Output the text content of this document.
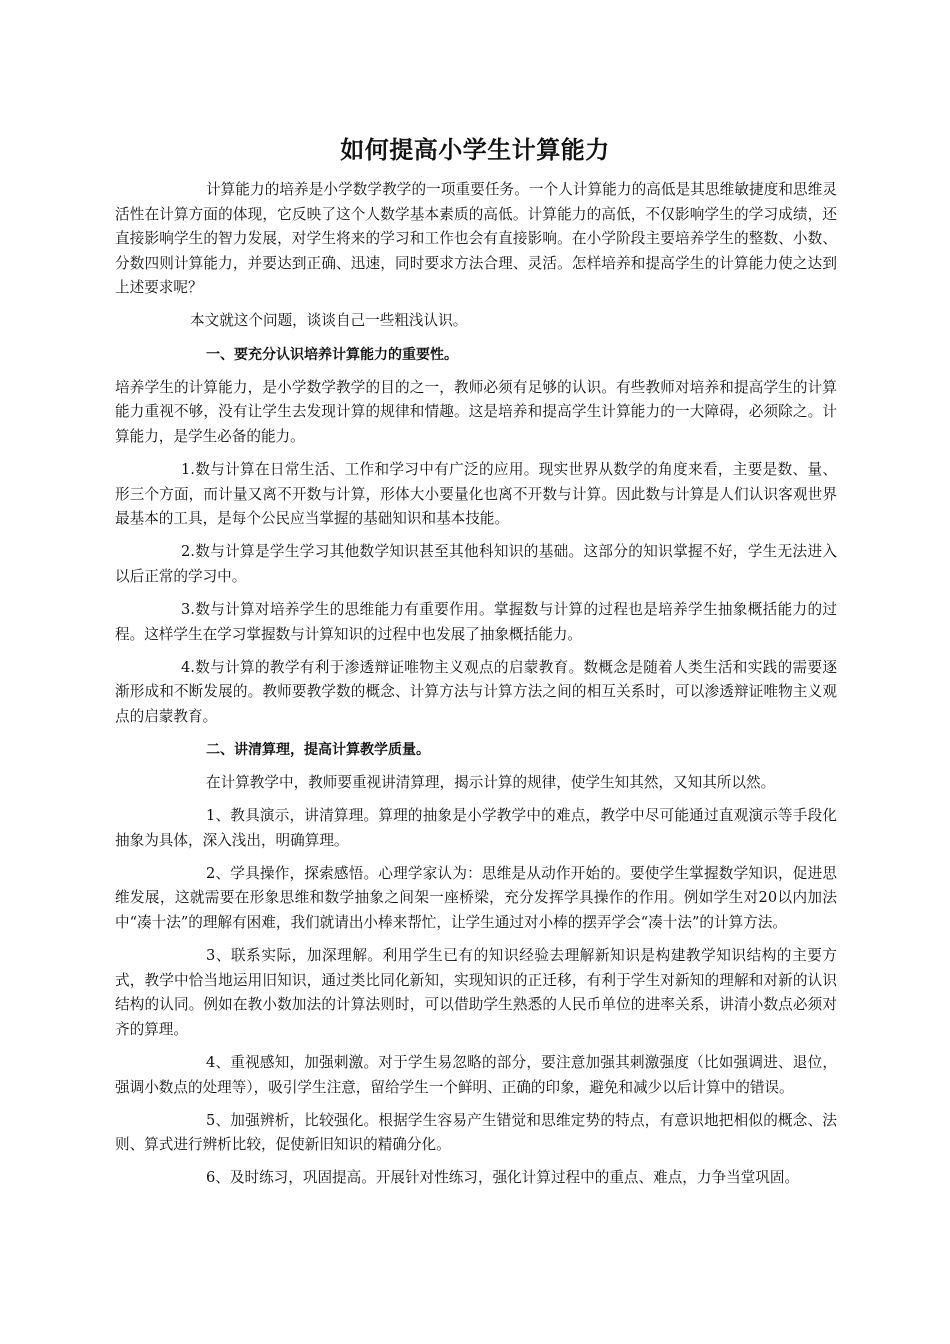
如何提高小学生计算能力

计算能力的培养是小学数学教学的一项重要任务。一个人计算能力的高低是其思维敏捷度和思维灵活性在计算方面的体现，它反映了这个人数学基本素质的高低。计算能力的高低，不仅影响学生的学习成绩，还直接影响学生的智力发展，对学生将来的学习和工作也会有直接影响。在小学阶段主要培养学生的整数、小数、分数四则计算能力，并要达到正确、迅速，同时要求方法合理、灵活。怎样培养和提高学生的计算能力使之达到上述要求呢？

本文就这个问题，谈谈自己一些粗浅认识。

一、要充分认识培养计算能力的重要性。

培养学生的计算能力，是小学数学教学的目的之一，教师必须有足够的认识。有些教师对培养和提高学生的计算能力重视不够，没有让学生去发现计算的规律和情趣。这是培养和提高学生计算能力的一大障碍，必须除之。计算能力，是学生必备的能力。

1.数与计算在日常生活、工作和学习中有广泛的应用。现实世界从数学的角度来看，主要是数、量、形三个方面，而计量又离不开数与计算，形体大小要量化也离不开数与计算。因此数与计算是人们认识客观世界最基本的工具，是每个公民应当掌握的基础知识和基本技能。

2.数与计算是学生学习其他数学知识甚至其他科知识的基础。这部分的知识掌握不好，学生无法进入以后正常的学习中。

3.数与计算对培养学生的思维能力有重要作用。掌握数与计算的过程也是培养学生抽象概括能力的过程。这样学生在学习掌握数与计算知识的过程中也发展了抽象概括能力。

4.数与计算的教学有利于渗透辩证唯物主义观点的启蒙教育。数概念是随着人类生活和实践的需要逐渐形成和不断发展的。教师要教学数的概念、计算方法与计算方法之间的相互关系时，可以渗透辩证唯物主义观点的启蒙教育。

二、讲清算理，提高计算教学质量。

在计算教学中，教师要重视讲清算理，揭示计算的规律，使学生知其然，又知其所以然。

1、教具演示，讲清算理。算理的抽象是小学教学中的难点，教学中尽可能通过直观演示等手段化抽象为具体，深入浅出，明确算理。

2、学具操作，探索感悟。心理学家认为：思维是从动作开始的。要使学生掌握数学知识，促进思维发展，这就需要在形象思维和数学抽象之间架一座桥梁，充分发挥学具操作的作用。例如学生对20以内加法中“凑十法”的理解有困难，我们就请出小棒来帮忙，让学生通过对小棒的摆弄学会“凑十法”的计算方法。

3、联系实际，加深理解。利用学生已有的知识经验去理解新知识是构建教学知识结构的主要方式，教学中恰当地运用旧知识，通过类比同化新知，实现知识的正迁移，有利于学生对新知的理解和对新的认识结构的认同。例如在教小数加法的计算法则时，可以借助学生熟悉的人民币单位的进率关系，讲清小数点必须对齐的算理。

4、重视感知，加强刺激。对于学生易忽略的部分，要注意加强其刺激强度（比如强调进、退位，强调小数点的处理等），吸引学生注意，留给学生一个鲜明、正确的印象，避免和减少以后计算中的错误。

5、加强辨析，比较强化。根据学生容易产生错觉和思维定势的特点，有意识地把相似的概念、法则、算式进行辨析比较，促使新旧知识的精确分化。

6、及时练习，巩固提高。开展针对性练习，强化计算过程中的重点、难点，力争当堂巩固。
